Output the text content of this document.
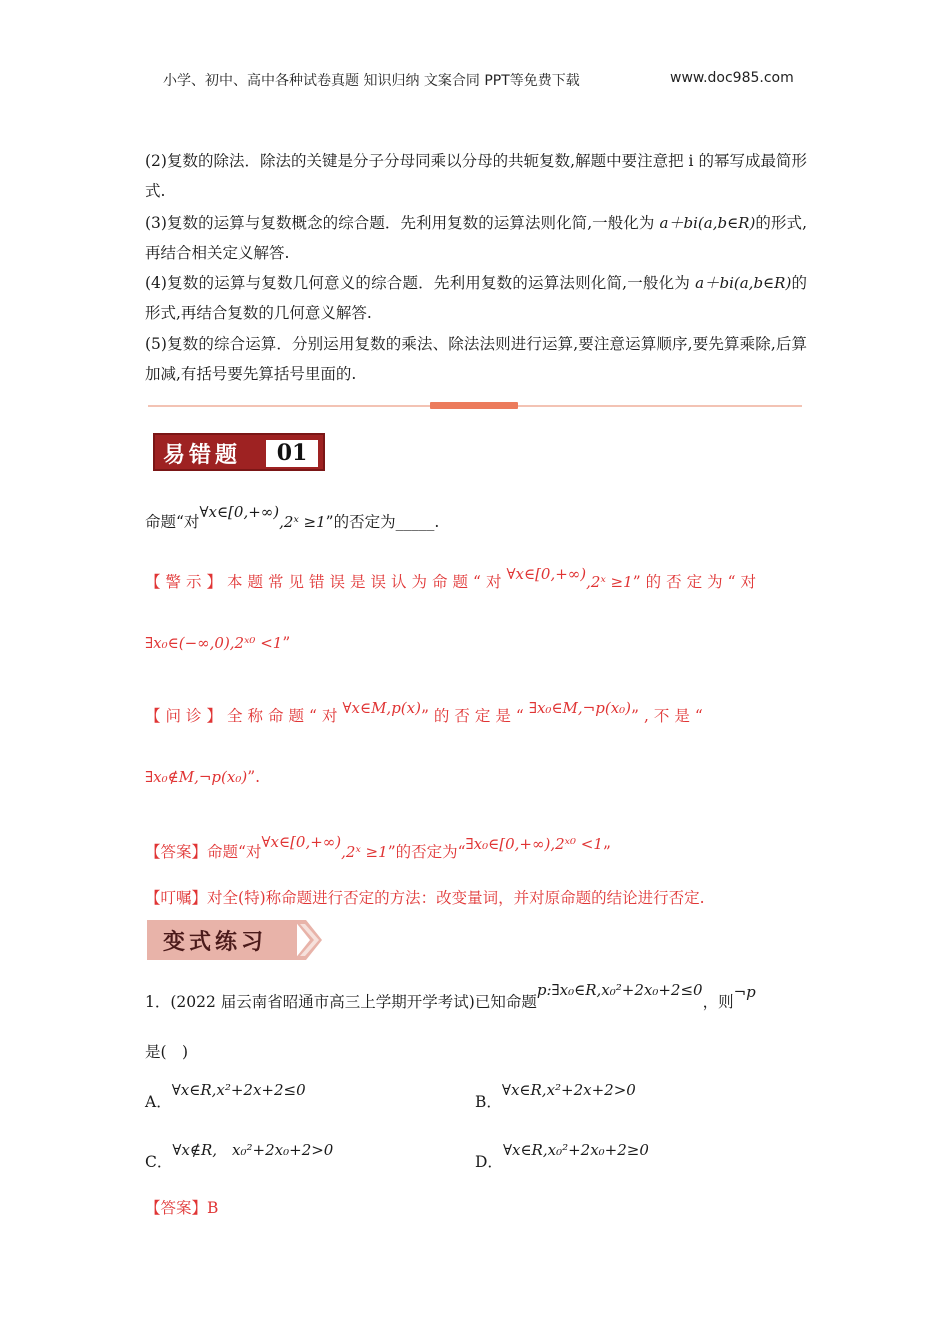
小学、初中、高中各种试卷真题 知识归纳 文案合同 PPT等免费下载	www.doc985.com
(2)复数的除法．除法的关键是分子分母同乘以分母的共轭复数,解题中要注意把 i 的幂写成最简形式.
(3)复数的运算与复数概念的综合题．先利用复数的运算法则化简,一般化为 a＋bi(a,b∈R)的形式,再结合相关定义解答.
(4)复数的运算与复数几何意义的综合题．先利用复数的运算法则化简,一般化为 a＋bi(a,b∈R)的形式,再结合复数的几何意义解答.
(5)复数的综合运算．分别运用复数的乘法、除法法则进行运算,要注意运算顺序,要先算乘除,后算加减,有括号要先算括号里面的.
易错题	01
命题“对∀x∈[0,+∞),2ˣ ≥1”的否定为_____.
【警示】本题常见错误是误认为命题“对∀x∈[0,+∞),2ˣ ≥1”的否定为“对
∃x₀∈(−∞,0),2ˣ⁰ <1”
【问诊】全称命题“对∀x∈M,p(x)”的否定是“∃x₀∈M,¬p(x₀)”,不是“
∃x₀∉M,¬p(x₀)”.
【答案】命题“对∀x∈[0,+∞),2ˣ ≥1”的否定为“∃x₀∈[0,+∞),2ˣ⁰ <1”
【叮嘱】对全(特)称命题进行否定的方法：改变量词，并对原命题的结论进行否定.
变式练习
1．(2022 届云南省昭通市高三上学期开学考试)已知命题p:∃x₀∈R,x₀²+2x₀+2≤0，则¬p
是(　)
A．∀x∈R,x²+2x+2≤0
B．∀x∈R,x²+2x+2>0
C．∀x∉R,　x₀²+2x₀+2>0
D．∀x∈R,x₀²+2x₀+2≥0
【答案】B
